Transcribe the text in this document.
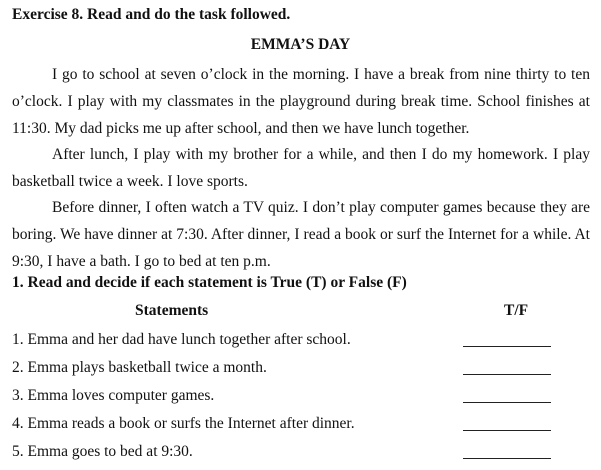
Exercise 8. Read and do the task followed.
EMMA’S DAY

I go to school at seven o’clock in the morning. I have a break from nine thirty to ten o’clock. I play with my classmates in the playground during break time. School finishes at 11:30. My dad picks me up after school, and then we have lunch together.

After lunch, I play with my brother for a while, and then I do my homework. I play basketball twice a week. I love sports.

Before dinner, I often watch a TV quiz. I don’t play computer games because they are boring. We have dinner at 7:30. After dinner, I read a book or surf the Internet for a while. At 9:30, I have a bath. I go to bed at ten p.m.

1. Read and decide if each statement is True (T) or False (F)
Statements	T/F
1. Emma and her dad have lunch together after school.
2. Emma plays basketball twice a month.
3. Emma loves computer games.
4. Emma reads a book or surfs the Internet after dinner.
5. Emma goes to bed at 9:30.
